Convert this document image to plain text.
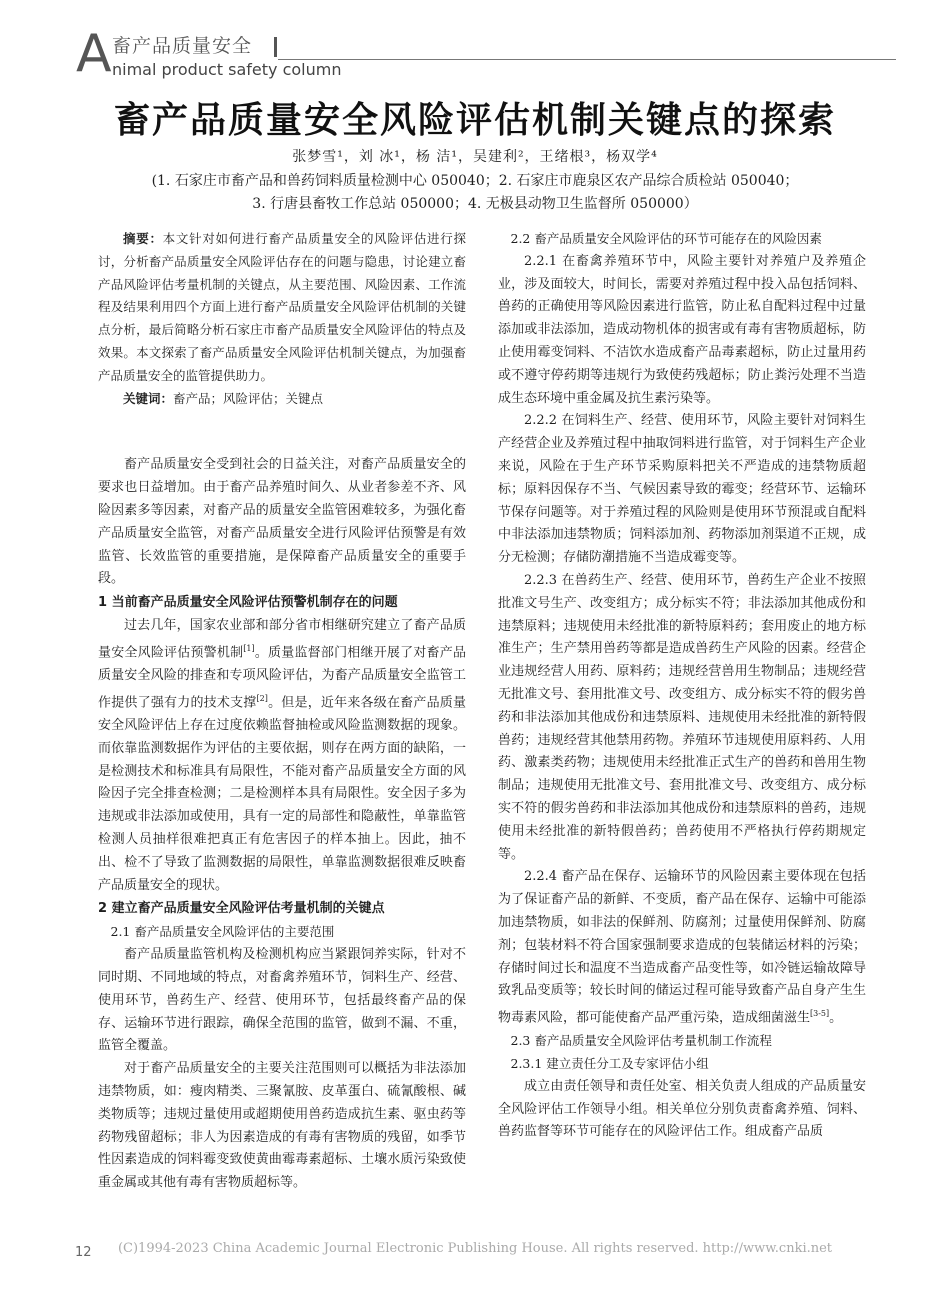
A 畜产品质量安全
nimal product safety column
畜产品质量安全风险评估机制关键点的探索
张梦雪¹，刘 冰¹，杨 洁¹，吴建利²，王绪根³，杨双学⁴
(1. 石家庄市畜产品和兽药饲料质量检测中心 050040；2. 石家庄市鹿泉区农产品综合质检站 050040；
3. 行唐县畜牧工作总站 050000；4. 无极县动物卫生监督所 050000）

摘要：本文针对如何进行畜产品质量安全的风险评估进行探讨，分析畜产品质量安全风险评估存在的问题与隐患，讨论建立畜产品风险评估考量机制的关键点，从主要范围、风险因素、工作流程及结果利用四个方面上进行畜产品质量安全风险评估机制的关键点分析，最后简略分析石家庄市畜产品质量安全风险评估的特点及效果。本文探索了畜产品质量安全风险评估机制关键点，为加强畜产品质量安全的监管提供助力。

关键词：畜产品；风险评估；关键点

畜产品质量安全受到社会的日益关注，对畜产品质量安全的要求也日益增加。由于畜产品养殖时间久、从业者参差不齐、风险因素多等因素，对畜产品的质量安全监管困难较多，为强化畜产品质量安全监管，对畜产品质量安全进行风险评估预警是有效监管、长效监管的重要措施，是保障畜产品质量安全的重要手段。

1 当前畜产品质量安全风险评估预警机制存在的问题

过去几年，国家农业部和部分省市相继研究建立了畜产品质量安全风险评估预警机制[1]。质量监督部门相继开展了对畜产品质量安全风险的排查和专项风险评估，为畜产品质量安全监管工作提供了强有力的技术支撑[2]。但是，近年来各级在畜产品质量安全风险评估上存在过度依赖监督抽检或风险监测数据的现象。而依靠监测数据作为评估的主要依据，则存在两方面的缺陷，一是检测技术和标准具有局限性，不能对畜产品质量安全方面的风险因子完全排查检测；二是检测样本具有局限性。安全因子多为违规或非法添加或使用，具有一定的局部性和隐蔽性，单靠监管检测人员抽样很难把真正有危害因子的样本抽上。因此，抽不出、检不了导致了监测数据的局限性，单靠监测数据很难反映畜产品质量安全的现状。

2 建立畜产品质量安全风险评估考量机制的关键点
2.1 畜产品质量安全风险评估的主要范围

畜产品质量监管机构及检测机构应当紧跟饲养实际，针对不同时期、不同地域的特点，对畜禽养殖环节，饲料生产、经营、使用环节，兽药生产、经营、使用环节，包括最终畜产品的保存、运输环节进行跟踪，确保全范围的监管，做到不漏、不重，监管全覆盖。

对于畜产品质量安全的主要关注范围则可以概括为非法添加违禁物质，如：瘦肉精类、三聚氰胺、皮革蛋白、硫氰酸根、碱类物质等；违规过量使用或超期使用兽药造成抗生素、驱虫药等药物残留超标；非人为因素造成的有毒有害物质的残留，如季节性因素造成的饲料霉变致使黄曲霉毒素超标、土壤水质污染致使重金属或其他有毒有害物质超标等。

2.2 畜产品质量安全风险评估的环节可能存在的风险因素

2.2.1 在畜禽养殖环节中，风险主要针对养殖户及养殖企业，涉及面较大，时间长，需要对养殖过程中投入品包括饲料、兽药的正确使用等风险因素进行监管，防止私自配料过程中过量添加或非法添加，造成动物机体的损害或有毒有害物质超标，防止使用霉变饲料、不洁饮水造成畜产品毒素超标，防止过量用药或不遵守停药期等违规行为致使药残超标；防止粪污处理不当造成生态环境中重金属及抗生素污染等。

2.2.2 在饲料生产、经营、使用环节，风险主要针对饲料生产经营企业及养殖过程中抽取饲料进行监管，对于饲料生产企业来说，风险在于生产环节采购原料把关不严造成的违禁物质超标；原料因保存不当、气候因素导致的霉变；经营环节、运输环节保存问题等。对于养殖过程的风险则是使用环节预混或自配料中非法添加违禁物质；饲料添加剂、药物添加剂渠道不正规，成分无检测；存储防潮措施不当造成霉变等。

2.2.3 在兽药生产、经营、使用环节，兽药生产企业不按照批准文号生产、改变组方；成分标实不符；非法添加其他成份和违禁原料；违规使用未经批准的新特原料药；套用废止的地方标准生产；生产禁用兽药等都是造成兽药生产风险的因素。经营企业违规经营人用药、原料药；违规经营兽用生物制品；违规经营无批准文号、套用批准文号、改变组方、成分标实不符的假劣兽药和非法添加其他成份和违禁原料、违规使用未经批准的新特假兽药；违规经营其他禁用药物。养殖环节违规使用原料药、人用药、激素类药物；违规使用未经批准正式生产的兽药和兽用生物制品；违规使用无批准文号、套用批准文号、改变组方、成分标实不符的假劣兽药和非法添加其他成份和违禁原料的兽药，违规使用未经批准的新特假兽药；兽药使用不严格执行停药期规定等。

2.2.4 畜产品在保存、运输环节的风险因素主要体现在包括为了保证畜产品的新鲜、不变质，畜产品在保存、运输中可能添加违禁物质，如非法的保鲜剂、防腐剂；过量使用保鲜剂、防腐剂；包装材料不符合国家强制要求造成的包装储运材料的污染；存储时间过长和温度不当造成畜产品变性等，如冷链运输故障导致乳品变质等；较长时间的储运过程可能导致畜产品自身产生生物毒素风险，都可能使畜产品严重污染，造成细菌滋生[3-5]。

2.3 畜产品质量安全风险评估考量机制工作流程
2.3.1 建立责任分工及专家评估小组

成立由责任领导和责任处室、相关负责人组成的产品质量安全风险评估工作领导小组。相关单位分别负责畜禽养殖、饲料、兽药监督等环节可能存在的风险评估工作。组成畜产品质

(C)1994-2023 China Academic Journal Electronic Publishing House. All rights reserved. http://www.cnki.net
12
